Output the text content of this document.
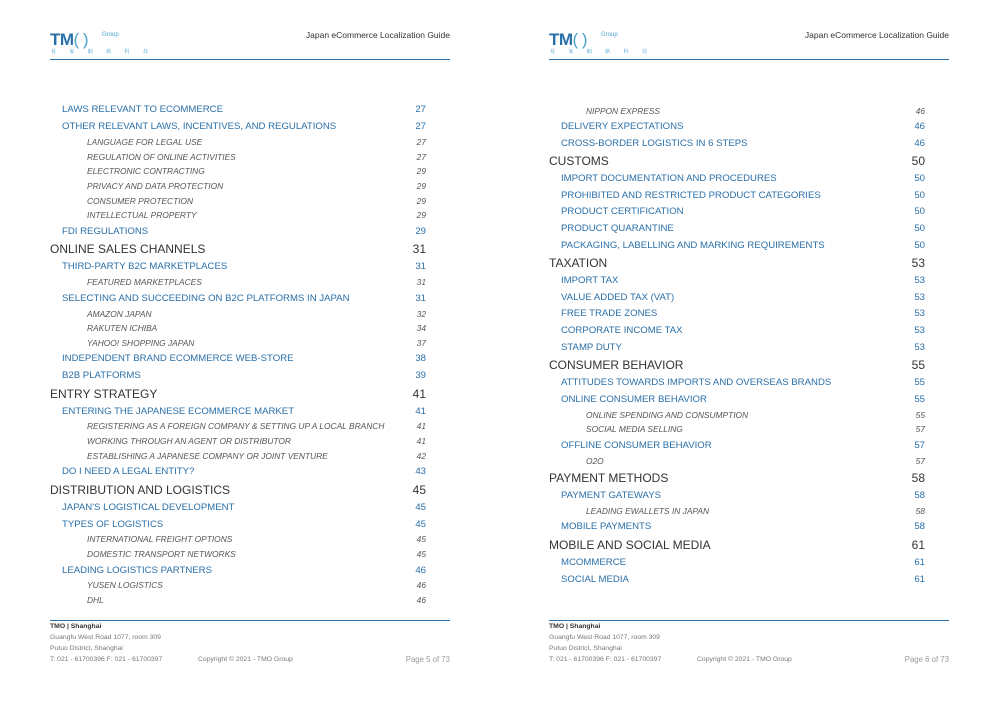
TM( ) Group
易 家 網 絡 科 技
Japan eCommerce Localization Guide
LAWS RELEVANT TO ECOMMERCE	27
OTHER RELEVANT LAWS, INCENTIVES, AND REGULATIONS	27
LANGUAGE FOR LEGAL USE	27
REGULATION OF ONLINE ACTIVITIES	27
ELECTRONIC CONTRACTING	29
PRIVACY AND DATA PROTECTION	29
CONSUMER PROTECTION	29
INTELLECTUAL PROPERTY	29
FDI REGULATIONS	29
ONLINE SALES CHANNELS	31
THIRD-PARTY B2C MARKETPLACES	31
FEATURED MARKETPLACES	31
SELECTING AND SUCCEEDING ON B2C PLATFORMS IN JAPAN	31
AMAZON JAPAN	32
RAKUTEN ICHIBA	34
YAHOO! SHOPPING JAPAN	37
INDEPENDENT BRAND ECOMMERCE WEB-STORE	38
B2B PLATFORMS	39
ENTRY STRATEGY	41
ENTERING THE JAPANESE ECOMMERCE MARKET	41
REGISTERING AS A FOREIGN COMPANY & SETTING UP A LOCAL BRANCH	41
WORKING THROUGH AN AGENT OR DISTRIBUTOR	41
ESTABLISHING A JAPANESE COMPANY OR JOINT VENTURE	42
DO I NEED A LEGAL ENTITY?	43
DISTRIBUTION AND LOGISTICS	45
JAPAN'S LOGISTICAL DEVELOPMENT	45
TYPES OF LOGISTICS	45
INTERNATIONAL FREIGHT OPTIONS	45
DOMESTIC TRANSPORT NETWORKS	45
LEADING LOGISTICS PARTNERS	46
YUSEN LOGISTICS	46
DHL	46
TMO | Shanghai
Guangfu West Road 1077, room 309
Putuo District, Shanghai
T: 021 - 61700396 F: 021 - 61700397	Copyright © 2021 - TMO Group	Page 5 of 73
TM( ) Group
易 家 網 絡 科 技
Japan eCommerce Localization Guide
NIPPON EXPRESS	46
DELIVERY EXPECTATIONS	46
CROSS-BORDER LOGISTICS IN 6 STEPS	46
CUSTOMS	50
IMPORT DOCUMENTATION AND PROCEDURES	50
PROHIBITED AND RESTRICTED PRODUCT CATEGORIES	50
PRODUCT CERTIFICATION	50
PRODUCT QUARANTINE	50
PACKAGING, LABELLING AND MARKING REQUIREMENTS	50
TAXATION	53
IMPORT TAX	53
VALUE ADDED TAX (VAT)	53
FREE TRADE ZONES	53
CORPORATE INCOME TAX	53
STAMP DUTY	53
CONSUMER BEHAVIOR	55
ATTITUDES TOWARDS IMPORTS AND OVERSEAS BRANDS	55
ONLINE CONSUMER BEHAVIOR	55
ONLINE SPENDING AND CONSUMPTION	55
SOCIAL MEDIA SELLING	57
OFFLINE CONSUMER BEHAVIOR	57
O2O	57
PAYMENT METHODS	58
PAYMENT GATEWAYS	58
LEADING EWALLETS IN JAPAN	58
MOBILE PAYMENTS	58
MOBILE AND SOCIAL MEDIA	61
MCOMMERCE	61
SOCIAL MEDIA	61
TMO | Shanghai
Guangfu West Road 1077, room 309
Putuo District, Shanghai
T: 021 - 61700396 F: 021 - 61700397	Copyright © 2021 - TMO Group	Page 6 of 73
